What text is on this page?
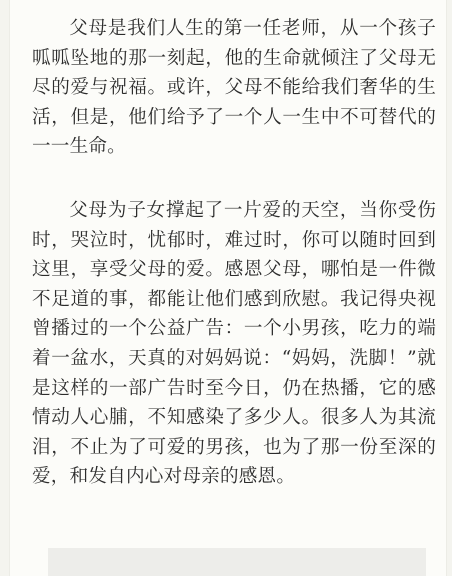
父母是我们人生的第一任老师，从一个孩子呱呱坠地的那一刻起，他的生命就倾注了父母无尽的爱与祝福。或许，父母不能给我们奢华的生活，但是，他们给予了一个人一生中不可替代的一一生命。

父母为子女撑起了一片爱的天空，当你受伤时，哭泣时，忧郁时，难过时，你可以随时回到这里，享受父母的爱。感恩父母，哪怕是一件微不足道的事，都能让他们感到欣慰。我记得央视曾播过的一个公益广告：一个小男孩，吃力的端着一盆水，天真的对妈妈说：“妈妈，洗脚！”就是这样的一部广告时至今日，仍在热播，它的感情动人心脯，不知感染了多少人。很多人为其流泪，不止为了可爱的男孩，也为了那一份至深的爱，和发自内心对母亲的感恩。
